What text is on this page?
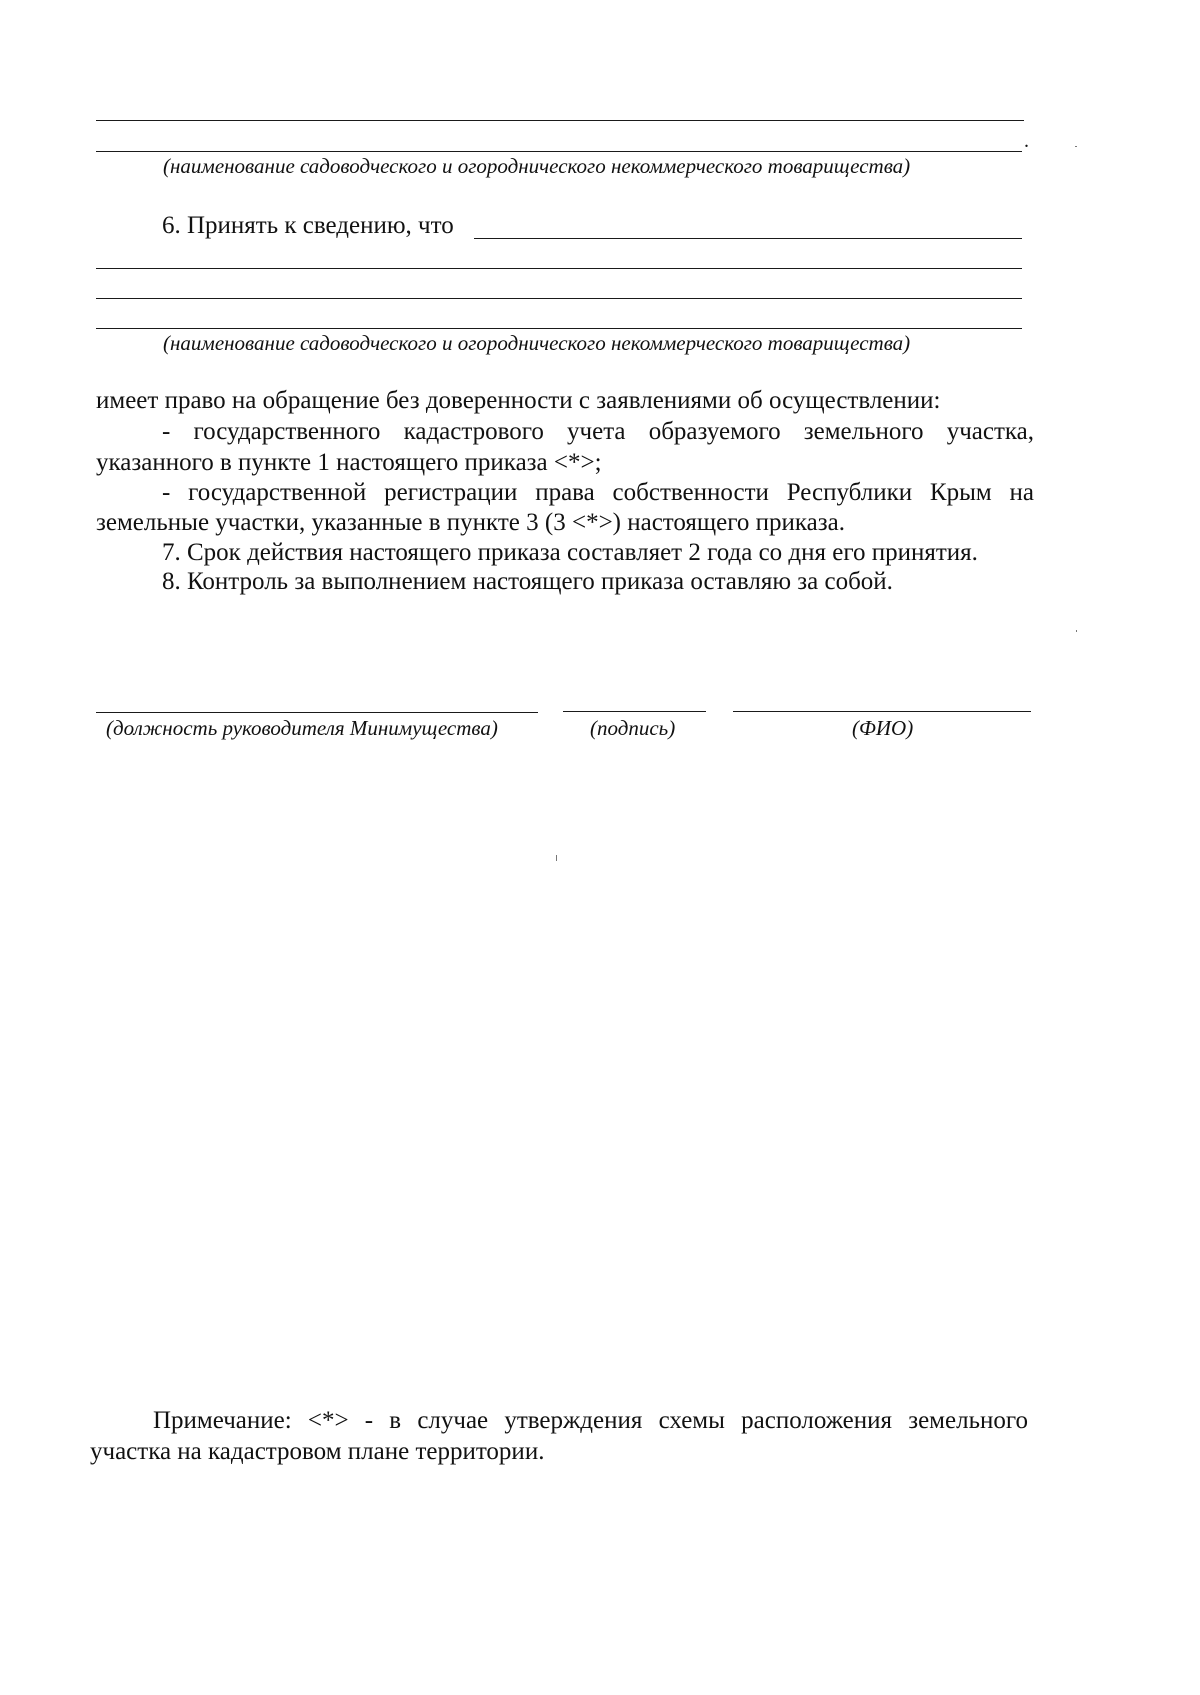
.
(наименование садоводческого и огороднического некоммерческого товарищества)
6. Принять к сведению, что
(наименование садоводческого и огороднического некоммерческого товарищества)
имеет право на обращение без доверенности с заявлениями об осуществлении:
- государственного кадастрового учета образуемого земельного участка,
указанного в пункте 1 настоящего приказа <*>;
- государственной регистрации права собственности Республики Крым на
земельные участки, указанные в пункте 3 (3 <*>) настоящего приказа.
7. Срок действия настоящего приказа составляет 2 года со дня его принятия.
8. Контроль за выполнением настоящего приказа оставляю за собой.
(должность руководителя Минимущества)	(подпись)	(ФИО)
Примечание: <*> - в случае утверждения схемы расположения земельного
участка на кадастровом плане территории.
